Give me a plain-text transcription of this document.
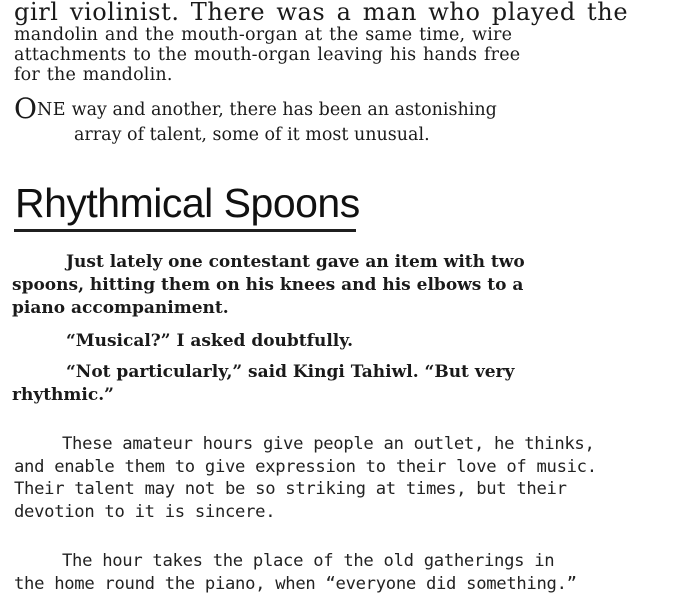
girl violinist. There was a man who played the
mandolin and the mouth-organ at the same time, wire
attachments to the mouth-organ leaving his hands free
for the mandolin.
ONE way and another, there has been an astonishing
array of talent, some of it most unusual.
Rhythmical Spoons
Just lately one contestant gave an item with two
spoons, hitting them on his knees and his elbows to a
piano accompaniment.
“Musical?” I asked doubtfully.
“Not particularly,” said Kingi Tahiwl. “But very
rhythmic.”
These amateur hours give people an outlet, he thinks,
and enable them to give expression to their love of music.
Their talent may not be so striking at times, but their
devotion to it is sincere.
The hour takes the place of the old gatherings in
the home round the piano, when “everyone did something.”
